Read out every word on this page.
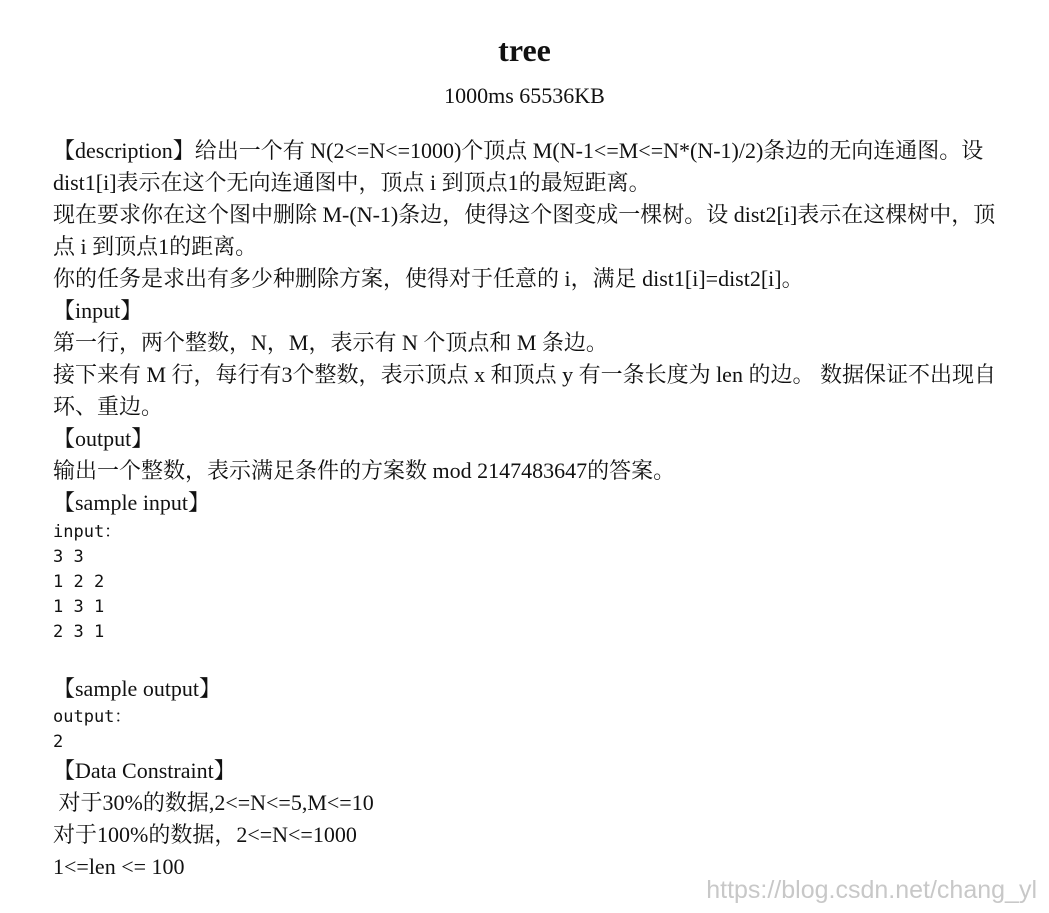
tree
1000ms 65536KB

【description】给出一个有 N(2<=N<=1000)个顶点 M(N-1<=M<=N*(N-1)/2)条边的无向连通图。设 dist1[i]表示在这个无向连通图中，顶点 i 到顶点1的最短距离。

现在要求你在这个图中删除 M-(N-1)条边，使得这个图变成一棵树。设 dist2[i]表示在这棵树中，顶点 i 到顶点1的距离。

你的任务是求出有多少种删除方案，使得对于任意的 i，满足 dist1[i]=dist2[i]。

【input】

第一行，两个整数，N，M，表示有 N 个顶点和 M 条边。

接下来有 M 行，每行有3个整数，表示顶点 x 和顶点 y 有一条长度为 len 的边。 数据保证不出现自环、重边。

【output】

输出一个整数，表示满足条件的方案数 mod 2147483647的答案。

【sample input】

input：
3 3
1 2 2
1 3 1
2 3 1

【sample output】

output：
2

【Data Constraint】

对于30%的数据,2<=N<=5,M<=10

对于100%的数据，2<=N<=1000

1<=len <= 100

https://blog.csdn.net/chang_yl
